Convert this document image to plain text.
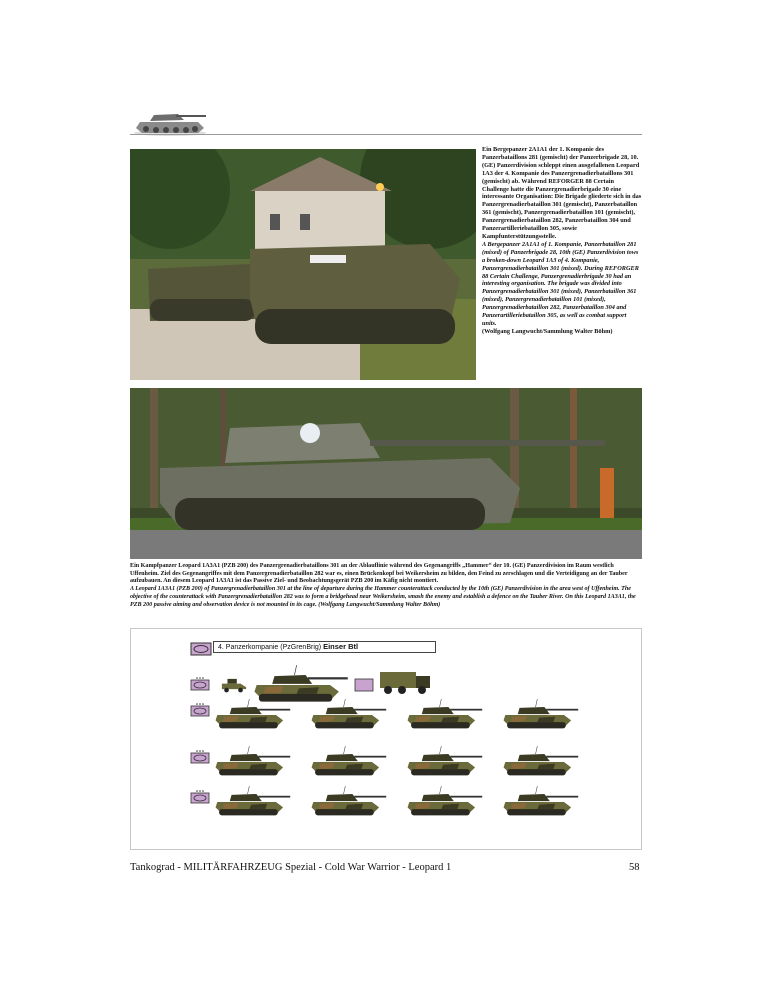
Ein Bergepanzer 2A1A1 der 1. Kompanie des Panzerbataillons 281 (gemischt) der Panzerbrigade 28, 10. (GE) Panzerdivision schleppt einen ausgefallenen Leopard 1A3 der 4. Kompanie des Panzergrenadierbataillons 301 (gemischt) ab. Während REFORGER 88 Certain Challenge hatte die Panzergrenadierbrigade 30 eine interessante Organisation: Die Brigade gliederte sich in das Panzergrenadierbataillon 301 (gemischt), Panzerbataillon 361 (gemischt), Panzergrenadierbataillon 101 (gemischt), Panzergrenadierbataillon 282, Panzerbataillon 304 und Panzerartilleriebataillon 305, sowie Kampfunterstützungsstelle.

A Bergepanzer 2A1A1 of 1. Kompanie, Panzerbataillon 281 (mixed) of Panzerbrigade 28, 10th (GE) Panzerdivision tows a broken-down Leopard 1A3 of 4. Kompanie, Panzergrenadierbataillon 301 (mixed). During REFORGER 88 Certain Challenge, Panzergrenadierbrigade 30 had an interesting organisation. The brigade was divided into Panzergrenadierbataillon 301 (mixed), Panzerbataillon 361 (mixed), Panzergrenadierbataillon 101 (mixed), Panzergrenadierbataillon 282, Panzerbataillon 304 and Panzerartilleriebataillon 305, as well as combat support units.

(Wolfgang Langwucht/Sammlung Walter Böhm)

Ein Kampfpanzer Leopard 1A3A1 (PZB 200) des Panzergrenadierbataillons 301 an der Ablauflinie während des Gegenangriffs „Hammer“ der 10. (GE) Panzerdivision im Raum westlich Uffenheim. Ziel des Gegenangriffes mit dem Panzergrenadierbataillon 282 war es, einen Brückenkopf bei Weikersheim zu bilden, den Feind zu zerschlagen und die Verteidigung an der Tauber aufzubauen. An diesem Leopard 1A3A1 ist das Passive Ziel- und Beobachtungsgerät PZB 200 im Käfig nicht montiert.

A Leopard 1A3A1 (PZB 200) of Panzergrenadierbataillon 301 at the line of departure during the Hammer counterattack conducted by the 10th (GE) Panzerdivision in the area west of Uffenheim. The objective of the counterattack with Panzergrenadierbataillon 282 was to form a bridgehead near Weikersheim, smash the enemy and establish a defence on the Tauber River. On this Leopard 1A3A1, the PZB 200 passive aiming and observation device is not mounted in its cage. (Wolfgang Langwucht/Sammlung Walter Böhm)

4. Panzerkompanie (PzGrenBrig) Einser Btl
Tankograd - MILITÄRFAHRZEUG Spezial - Cold War Warrior - Leopard 1	58
